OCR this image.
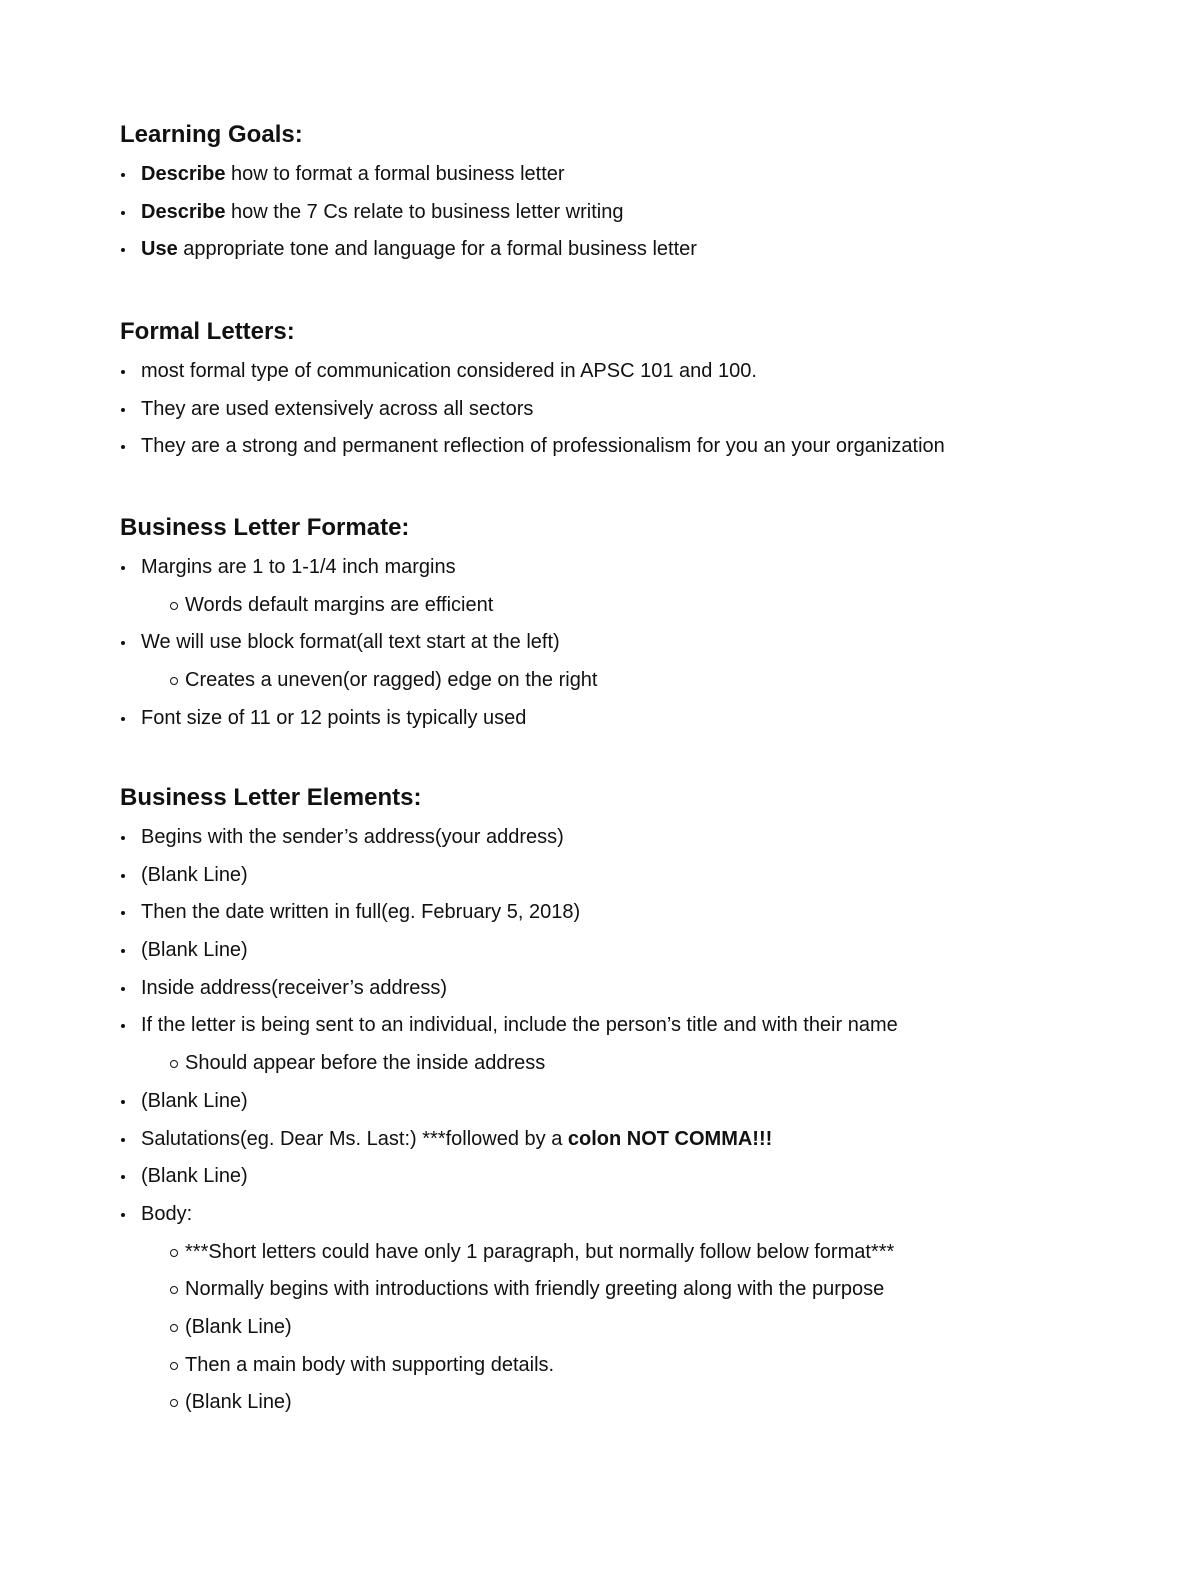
Learning Goals:
Describe how to format a formal business letter
Describe how the 7 Cs relate to business letter writing
Use appropriate tone and language for a formal business letter
Formal Letters:
most formal type of communication considered in APSC 101 and 100.
They are used extensively across all sectors
They are a strong and permanent reflection of professionalism for you an your organization
Business Letter Formate:
Margins are 1 to 1-1/4 inch margins
Words default margins are efficient
We will use block format(all text start at the left)
Creates a uneven(or ragged) edge on the right
Font size of 11 or 12 points is typically used
Business Letter Elements:
Begins with the sender’s address(your address)
(Blank Line)
Then the date written in full(eg. February 5, 2018)
(Blank Line)
Inside address(receiver’s address)
If the letter is being sent to an individual, include the person’s title and with their name
Should appear before the inside address
(Blank Line)
Salutations(eg. Dear Ms. Last:) ***followed by a colon NOT COMMA!!!
(Blank Line)
Body:
***Short letters could have only 1 paragraph, but normally follow below format***
Normally begins with introductions with friendly greeting along with the purpose
(Blank Line)
Then a main body with supporting details.
(Blank Line)
